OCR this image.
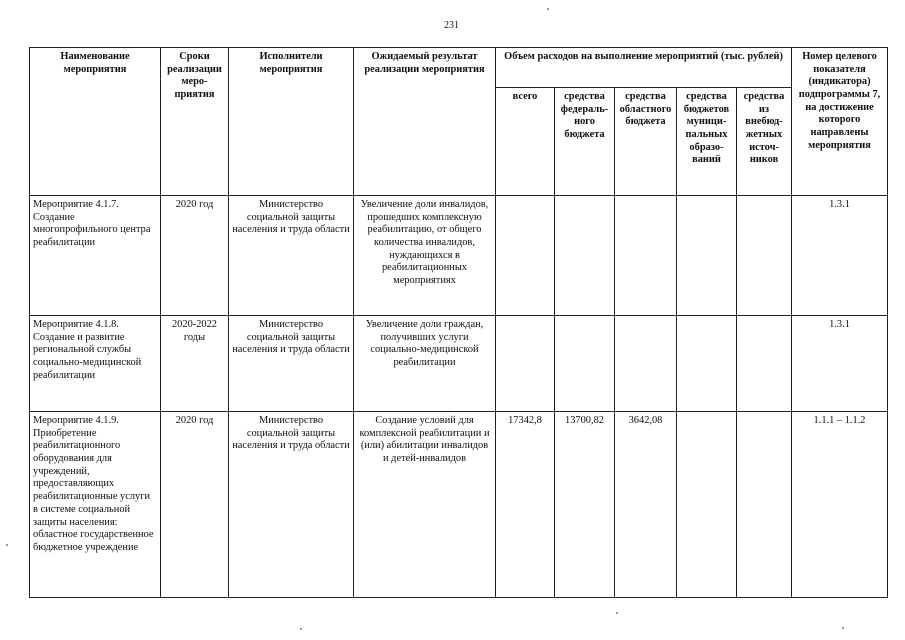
231
Наименование мероприятия	Сроки реализации меро-приятия	Исполнители мероприятия	Ожидаемый результат реализации мероприятия	Объем расходов на выполнение мероприятий (тыс. рублей)					Номер целевого показателя (индикатора) подпрограммы 7, на достижение которого направлены мероприятия
				всего	средства федераль-ного бюджета	средства областного бюджета	средства бюджетов муници-пальных образо-ваний	средства из внебюд-жетных источ-ников	
Мероприятие 4.1.7. Создание многопрофильного центра реабилитации	2020 год	Министерство социальной защиты населения и труда области	Увеличение доли инвалидов, прошедших комплексную реабилитацию, от общего количества инвалидов, нуждающихся в реабилитационных мероприятиях						1.3.1
Мероприятие 4.1.8. Создание и развитие региональной службы социально-медицинской реабилитации	2020-2022 годы	Министерство социальной защиты населения и труда области	Увеличение доли граждан, получивших услуги социально-медицинской реабилитации						1.3.1
Мероприятие 4.1.9. Приобретение реабилитационного оборудования для учреждений, предоставляющих реабилитационные услуги в системе социальной защиты населения: областное государственное бюджетное учреждение	2020 год	Министерство социальной защиты населения и труда области	Создание условий для комплексной реабилитации и (или) абилитации инвалидов и детей-инвалидов	17342,8	13700,82	3642,08			1.1.1 – 1.1.2
